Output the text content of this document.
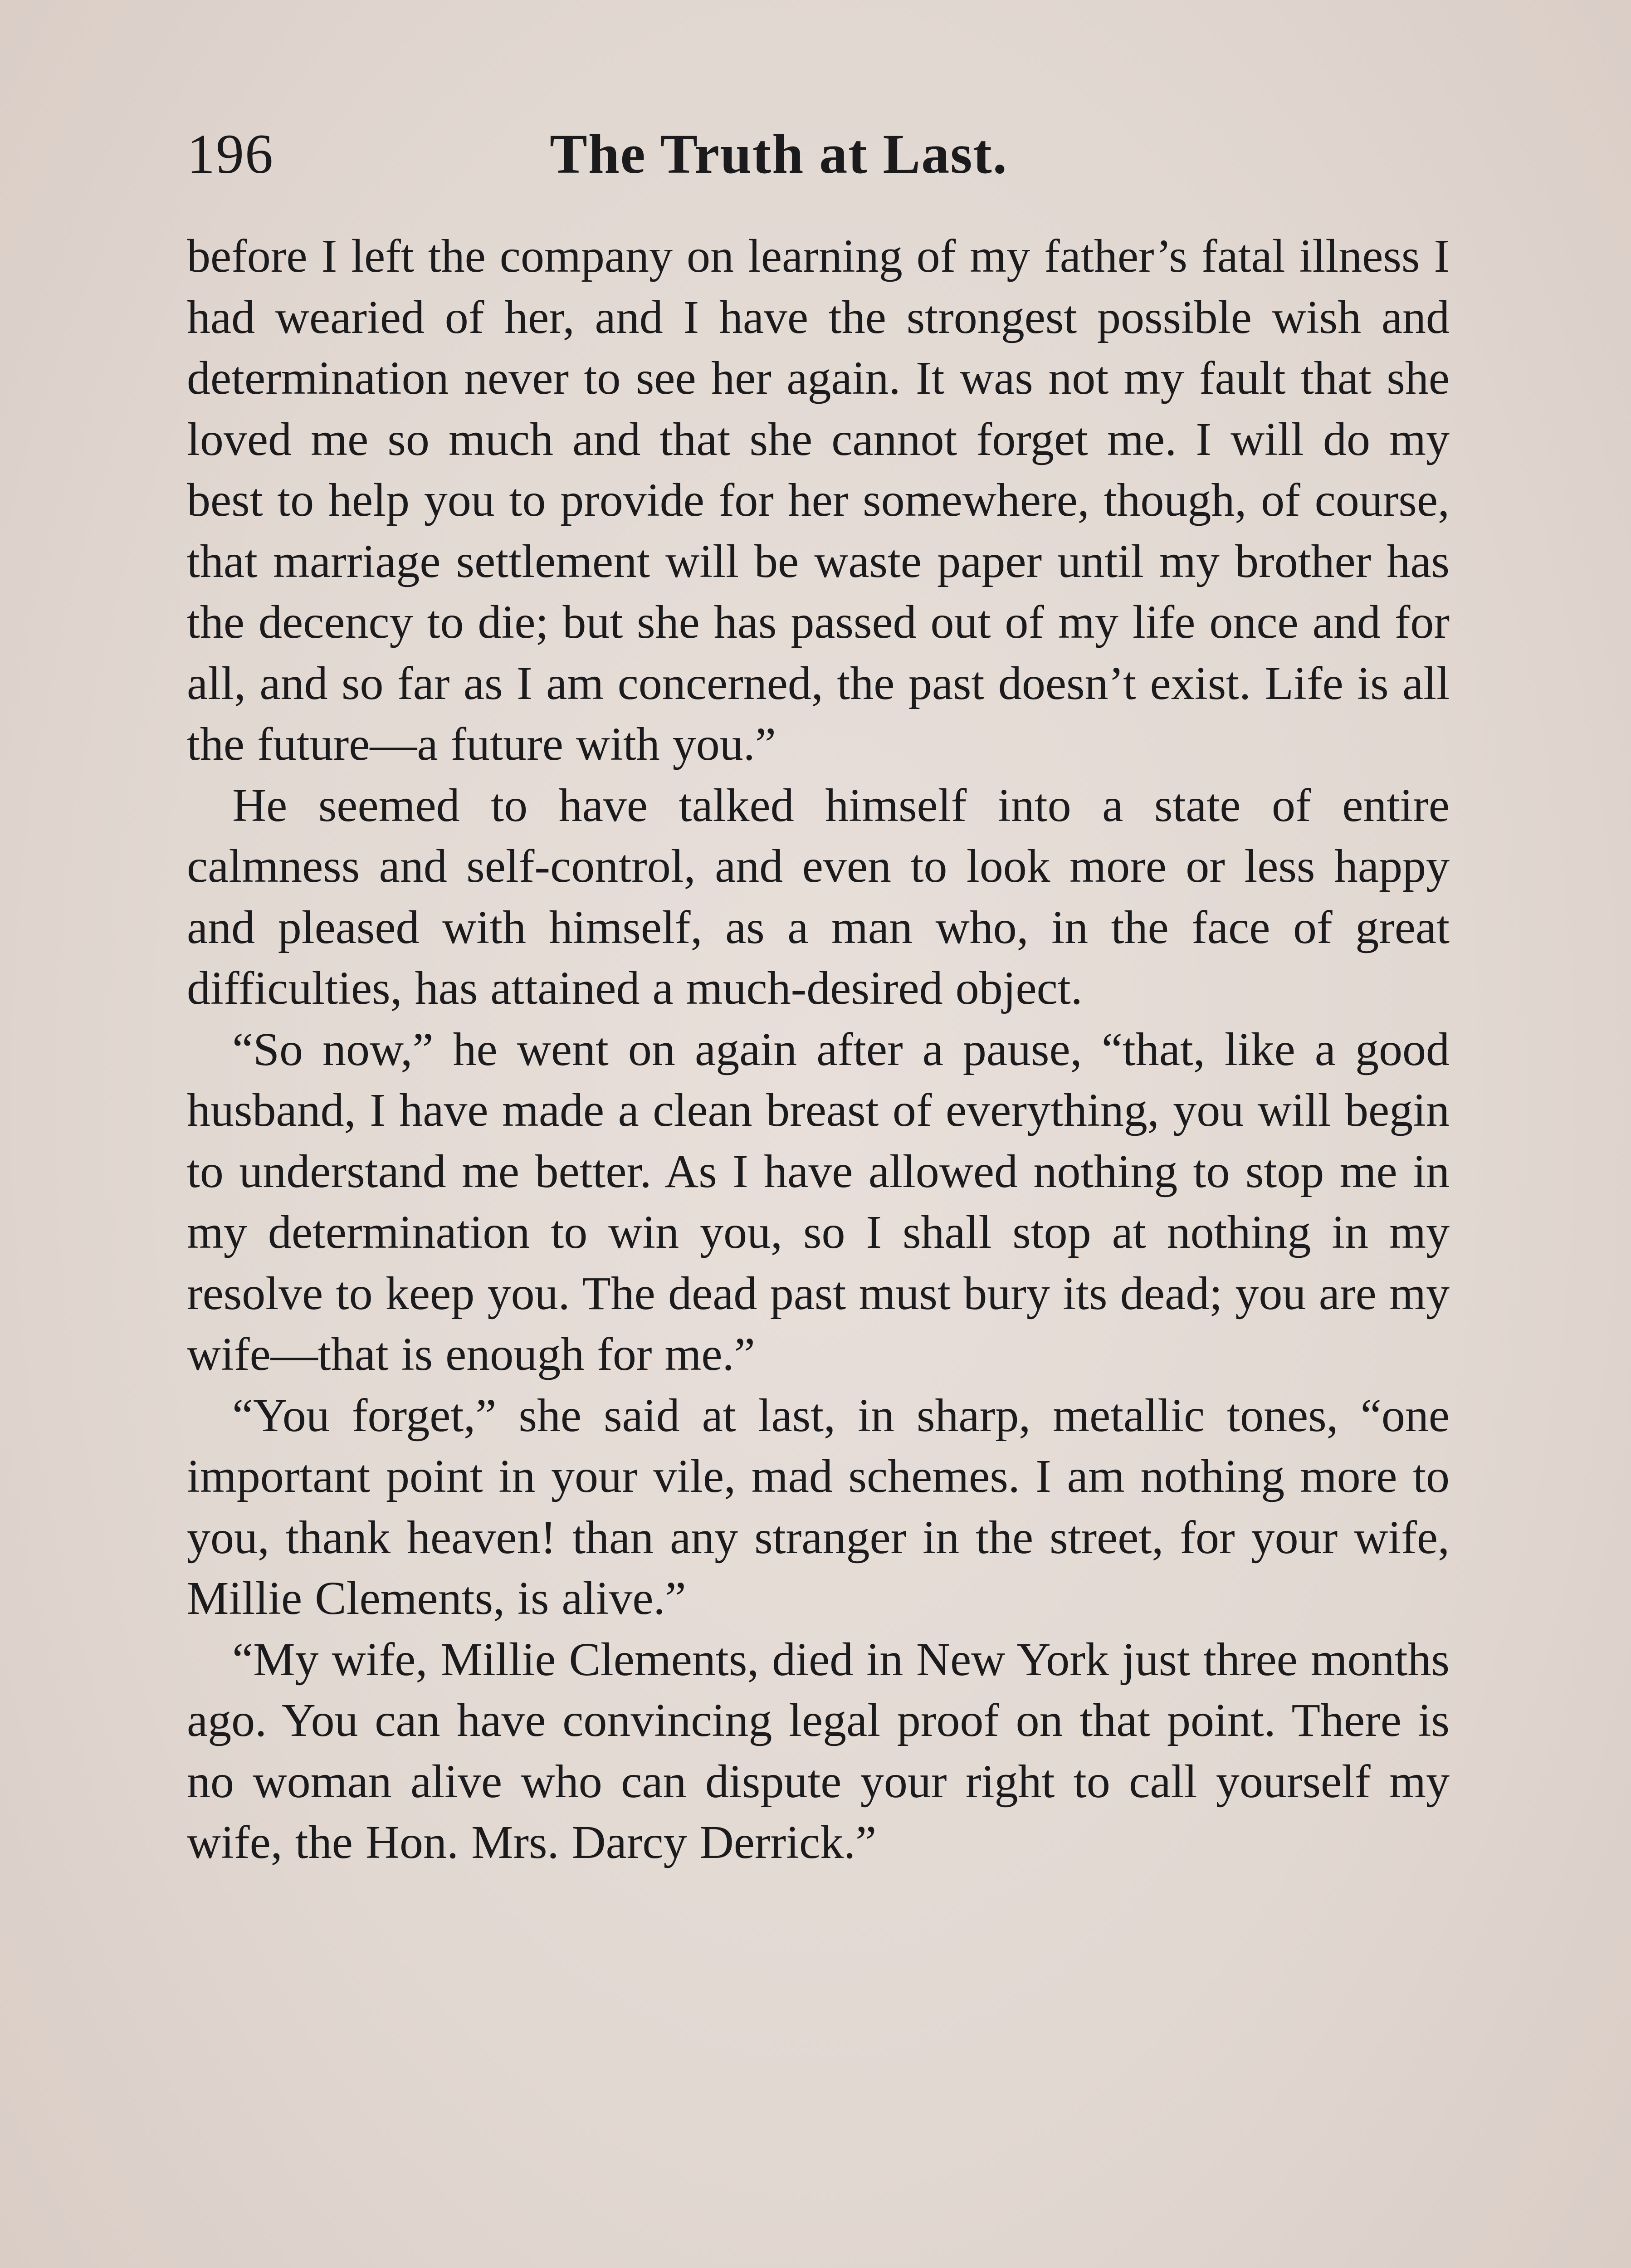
196	The Truth at Last.

before I left the company on learning of my father’s fatal illness I had wearied of her, and I have the strongest possible wish and determination never to see her again. It was not my fault that she loved me so much and that she cannot forget me. I will do my best to help you to provide for her somewhere, though, of course, that marriage settlement will be waste paper until my brother has the decency to die; but she has passed out of my life once and for all, and so far as I am concerned, the past doesn’t exist. Life is all the future—a future with you.”

He seemed to have talked himself into a state of entire calmness and self-control, and even to look more or less happy and pleased with himself, as a man who, in the face of great difficulties, has attained a much-desired object.

“So now,” he went on again after a pause, “that, like a good husband, I have made a clean breast of everything, you will begin to understand me better. As I have allowed nothing to stop me in my determination to win you, so I shall stop at nothing in my resolve to keep you. The dead past must bury its dead; you are my wife—that is enough for me.”

“You forget,” she said at last, in sharp, metallic tones, “one important point in your vile, mad schemes. I am nothing more to you, thank heaven! than any stranger in the street, for your wife, Millie Clements, is alive.”

“My wife, Millie Clements, died in New York just three months ago. You can have convincing legal proof on that point. There is no woman alive who can dispute your right to call yourself my wife, the Hon. Mrs. Darcy Derrick.”
